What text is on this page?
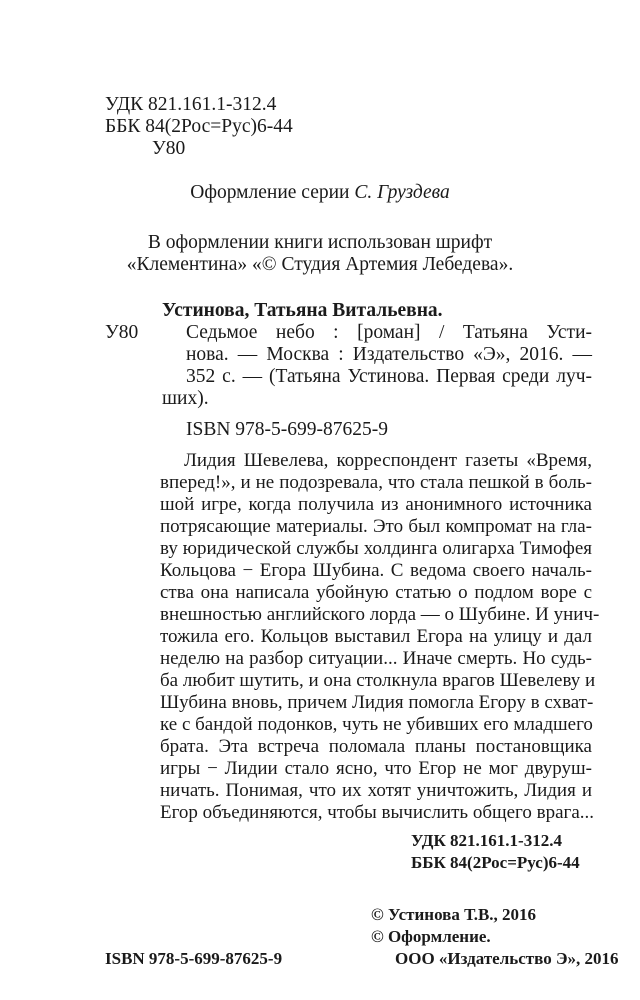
УДК 821.161.1-312.4
ББК 84(2Рос=Рус)6-44
У80
Оформление серии С. Груздева
В оформлении книги использован шрифт
«Клементина» «© Студия Артемия Лебедева».
Устинова, Татьяна Витальевна.
У80 Седьмое небо : [роман] / Татьяна Усти-
нова. — Москва : Издательство «Э», 2016. —
352 с. — (Татьяна Устинова. Первая среди луч-
ших).
ISBN 978-5-699-87625-9
Лидия Шевелева, корреспондент газеты «Время,
вперед!», и не подозревала, что стала пешкой в боль-
шой игре, когда получила из анонимного источника
потрясающие материалы. Это был компромат на гла-
ву юридической службы холдинга олигарха Тимофея
Кольцова − Егора Шубина. С ведома своего началь-
ства она написала убойную статью о подлом воре с
внешностью английского лорда — о Шубине. И унич-
тожила его. Кольцов выставил Егора на улицу и дал
неделю на разбор ситуации... Иначе смерть. Но судь-
ба любит шутить, и она столкнула врагов Шевелеву и
Шубина вновь, причем Лидия помогла Егору в схват-
ке с бандой подонков, чуть не убивших его младшего
брата. Эта встреча поломала планы постановщика
игры − Лидии стало ясно, что Егор не мог двуруш-
ничать. Понимая, что их хотят уничтожить, Лидия и
Егор объединяются, чтобы вычислить общего врага...
УДК 821.161.1-312.4
ББК 84(2Рос=Рус)6-44
© Устинова Т.В., 2016
© Оформление.
ООО «Издательство Э», 2016
ISBN 978-5-699-87625-9
